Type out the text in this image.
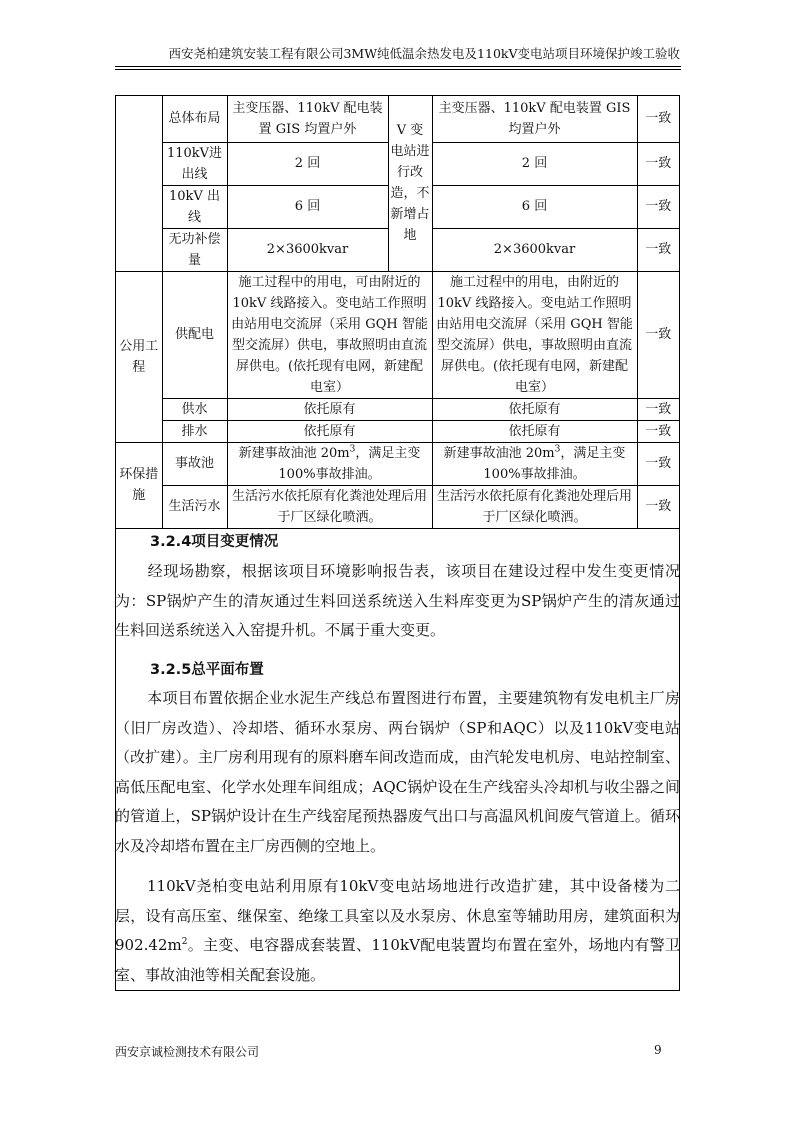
西安尧柏建筑安装工程有限公司3MW纯低温余热发电及110kV变电站项目环境保护竣工验收
	总体布局	主变压器、110kV 配电装置 GIS 均置户外	V 变电站进行改造，不新增占地	主变压器、110kV 配电装置 GIS 均置户外	一致
	110kV进出线	2 回		2 回	一致
	10kV 出线	6 回		6 回	一致
	无功补偿量	2×3600kvar		2×3600kvar	一致
公用工程	供配电	施工过程中的用电，可由附近的 10kV 线路接入。变电站工作照明由站用电交流屏（采用 GQH 智能型交流屏）供电，事故照明由直流屏供电。(依托现有电网，新建配电室）		施工过程中的用电，由附近的 10kV 线路接入。变电站工作照明由站用电交流屏（采用 GQH 智能型交流屏）供电，事故照明由直流屏供电。(依托现有电网，新建配电室）	一致
	供水	依托原有		依托原有	一致
	排水	依托原有		依托原有	一致
环保措施	事故池	新建事故油池 $20m^3$，满足主变 100%事故排油。		新建事故油池 $20m^3$，满足主变 100%事故排油。	一致
	生活污水	生活污水依托原有化粪池处理后用于厂区绿化喷洒。		生活污水依托原有化粪池处理后用于厂区绿化喷洒。	一致
3.2.4项目变更情况
经现场勘察，根据该项目环境影响报告表，该项目在建设过程中发生变更情况为：SP锅炉产生的清灰通过生料回送系统送入生料库变更为SP锅炉产生的清灰通过生料回送系统送入入窑提升机。不属于重大变更。
3.2.5总平面布置
本项目布置依据企业水泥生产线总布置图进行布置，主要建筑物有发电机主厂房（旧厂房改造）、冷却塔、循环水泵房、两台锅炉（SP和AQC）以及110kV变电站（改扩建）。主厂房利用现有的原料磨车间改造而成，由汽轮发电机房、电站控制室、高低压配电室、化学水处理车间组成；AQC锅炉设在生产线窑头冷却机与收尘器之间的管道上，SP锅炉设计在生产线窑尾预热器废气出口与高温风机间废气管道上。循环水及冷却塔布置在主厂房西侧的空地上。
110kV尧柏变电站利用原有10kV变电站场地进行改造扩建，其中设备楼为二层，设有高压室、继保室、绝缘工具室以及水泵房、休息室等辅助用房，建筑面积为$902.42m^2$。主变、电容器成套装置、110kV配电装置均布置在室外，场地内有警卫室、事故油池等相关配套设施。
西安京诚检测技术有限公司	9
